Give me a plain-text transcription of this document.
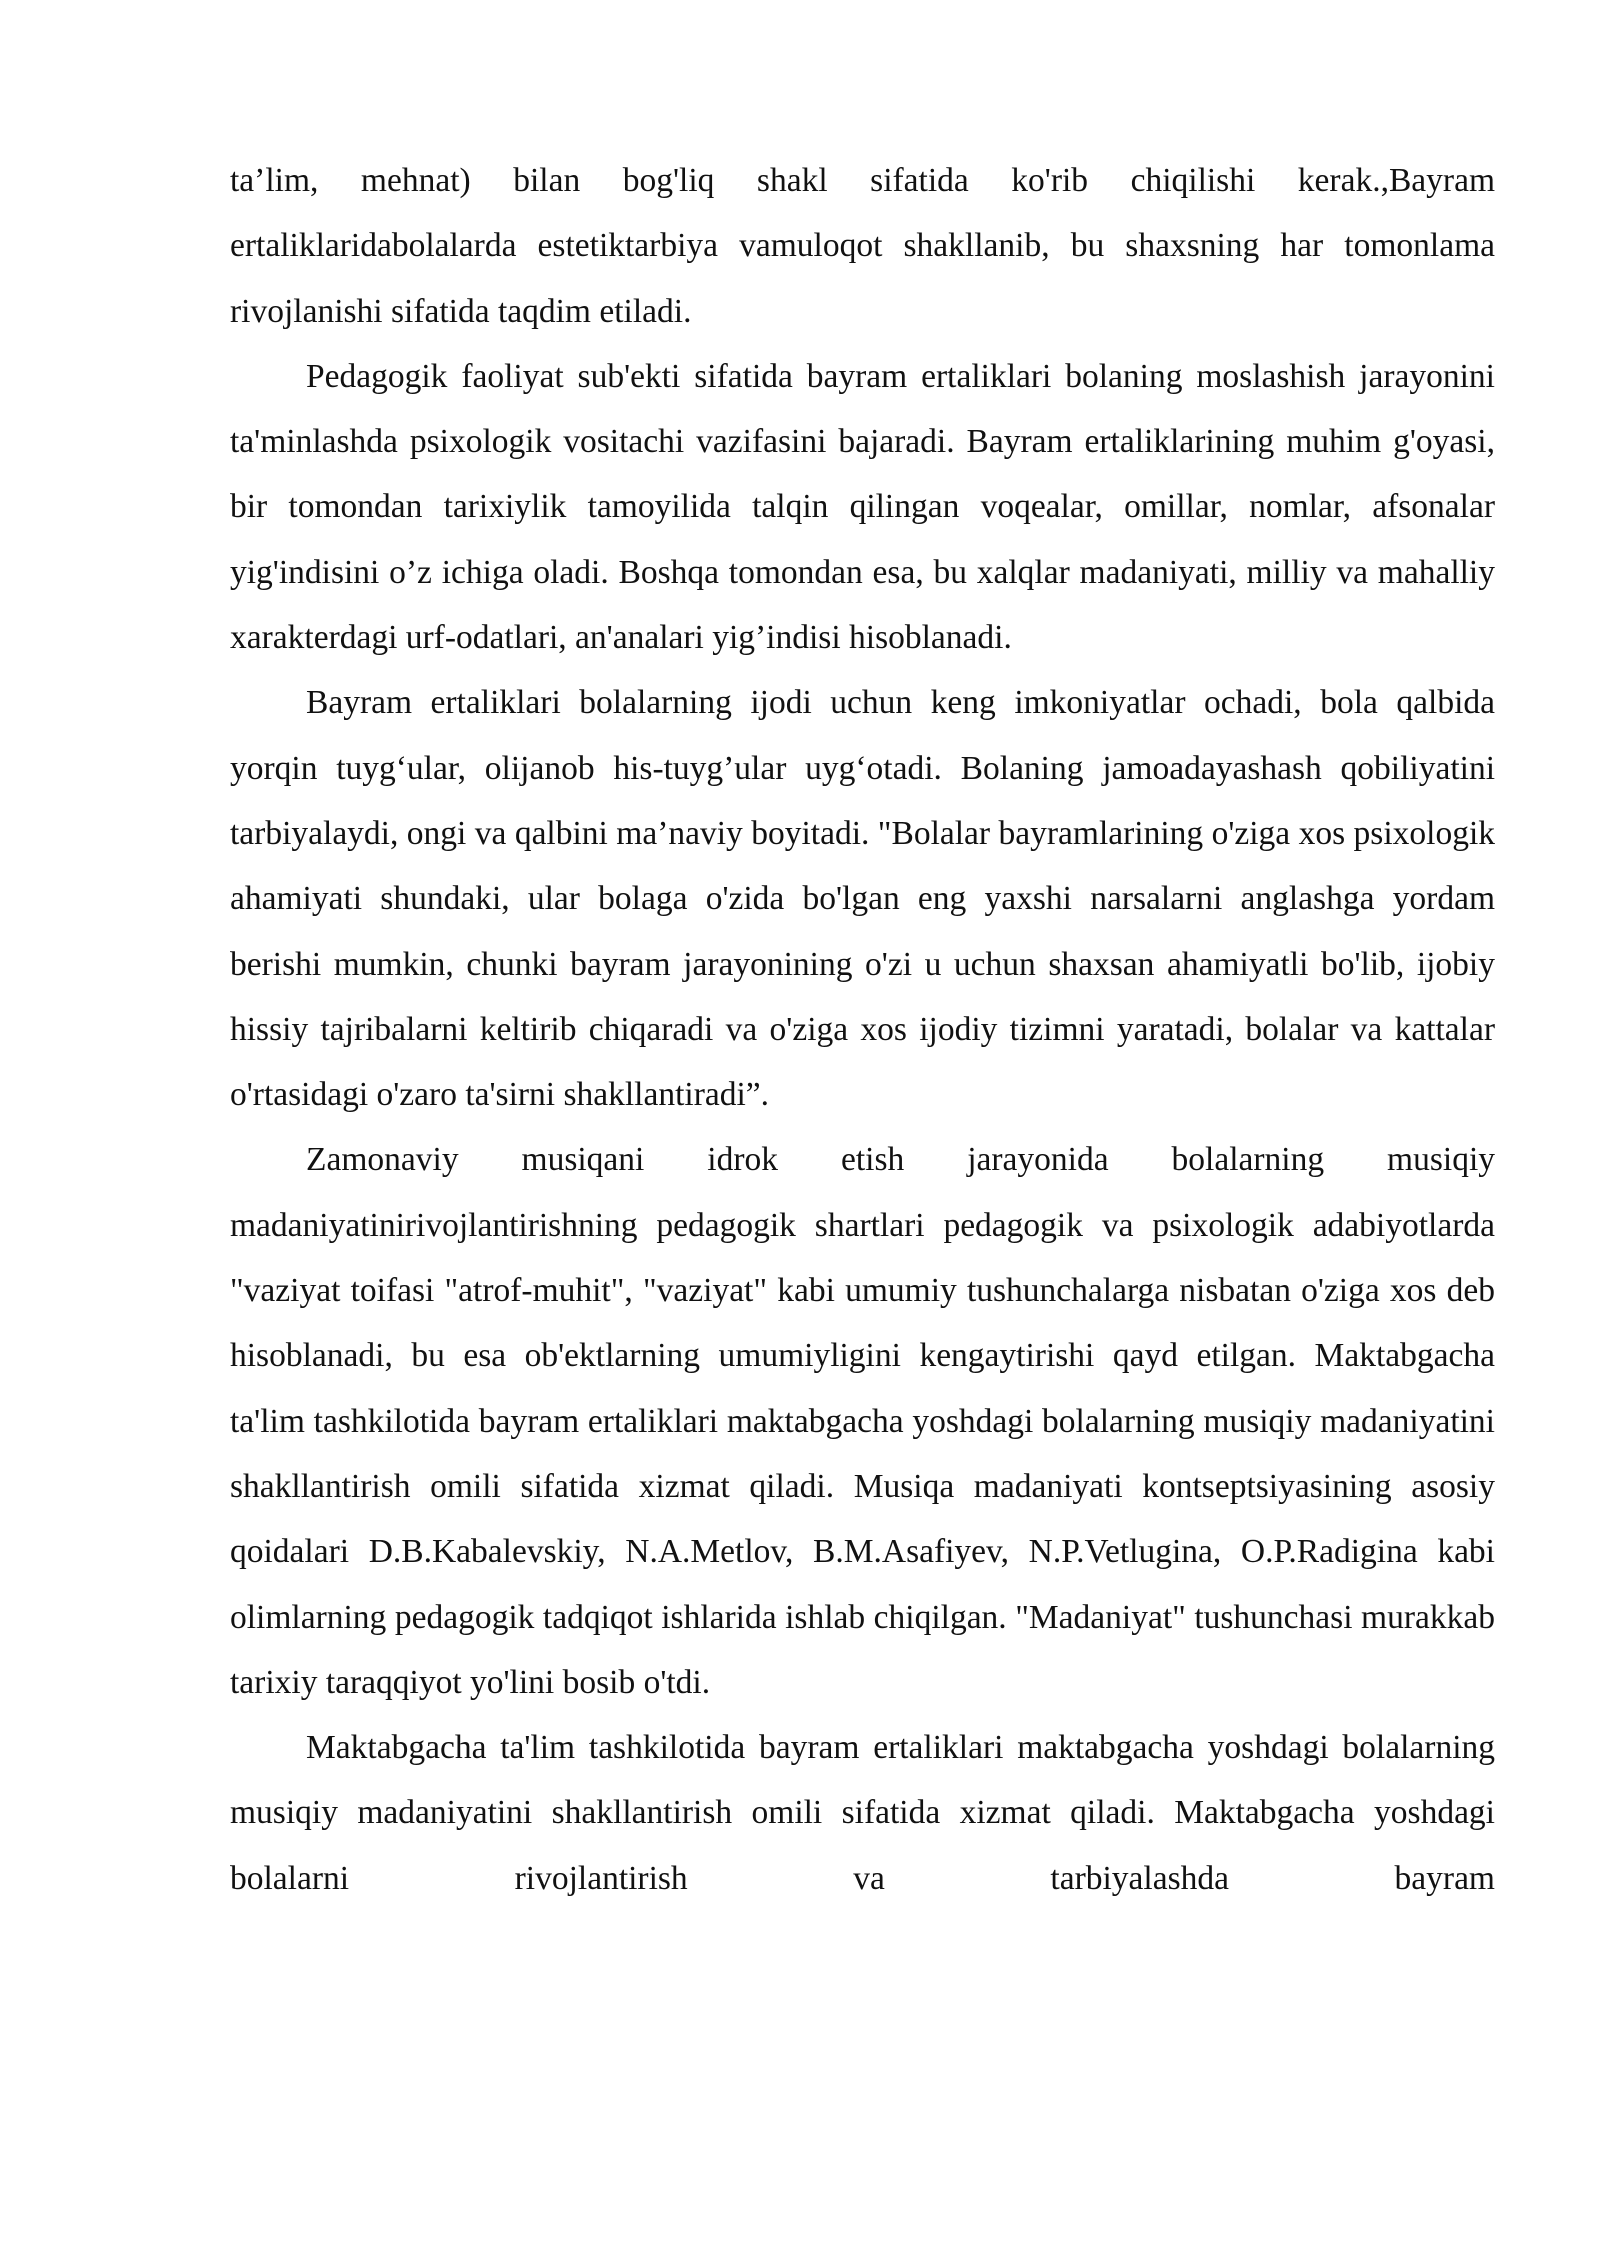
ta’lim, mehnat) bilan bog'liq shakl sifatida ko'rib chiqilishi kerak.,Bayram ertaliklaridabolalarda estetiktarbiya vamuloqot shakllanib, bu shaxsning har tomonlama rivojlanishi sifatida taqdim etiladi.

Pedagogik faoliyat sub'ekti sifatida bayram ertaliklari bolaning moslashish jarayonini ta'minlashda psixologik vositachi vazifasini bajaradi. Bayram ertaliklarining muhim g'oyasi, bir tomondan tarixiylik tamoyilida talqin qilingan voqealar, omillar, nomlar, afsonalar yig'indisini o’z ichiga oladi. Boshqa tomondan esa, bu xalqlar madaniyati, milliy va mahalliy xarakterdagi urf-odatlari, an'analari yig’indisi hisoblanadi.

Bayram ertaliklari bolalarning ijodi uchun keng imkoniyatlar ochadi, bola qalbida yorqin tuyg‘ular, olijanob his-tuyg’ular uyg‘otadi. Bolaning jamoadayashash qobiliyatini tarbiyalaydi, ongi va qalbini ma’naviy boyitadi. "Bolalar bayramlarining o'ziga xos psixologik ahamiyati shundaki, ular bolaga o'zida bo'lgan eng yaxshi narsalarni anglashga yordam berishi mumkin, chunki bayram jarayonining o'zi u uchun shaxsan ahamiyatli bo'lib, ijobiy hissiy tajribalarni keltirib chiqaradi va o'ziga xos ijodiy tizimni yaratadi, bolalar va kattalar o'rtasidagi o'zaro ta'sirni shakllantiradi”.

Zamonaviy musiqani idrok etish jarayonida bolalarning musiqiy madaniyatinirivojlantirishning pedagogik shartlari pedagogik va psixologik adabiyotlarda "vaziyat toifasi "atrof-muhit", "vaziyat" kabi umumiy tushunchalarga nisbatan o'ziga xos deb hisoblanadi, bu esa ob'ektlarning umumiyligini kengaytirishi qayd etilgan. Maktabgacha ta'lim tashkilotida bayram ertaliklari maktabgacha yoshdagi bolalarning musiqiy madaniyatini shakllantirish omili sifatida xizmat qiladi. Musiqa madaniyati kontseptsiyasining asosiy qoidalari D.B.Kabalevskiy, N.A.Metlov, B.M.Asafiyev, N.P.Vetlugina, O.P.Radigina kabi olimlarning pedagogik tadqiqot ishlarida ishlab chiqilgan. "Madaniyat" tushunchasi murakkab tarixiy taraqqiyot yo'lini bosib o'tdi.

Maktabgacha ta'lim tashkilotida bayram ertaliklari maktabgacha yoshdagi bolalarning musiqiy madaniyatini shakllantirish omili sifatida xizmat qiladi. Maktabgacha yoshdagi bolalarni rivojlantirish va tarbiyalashda bayram
